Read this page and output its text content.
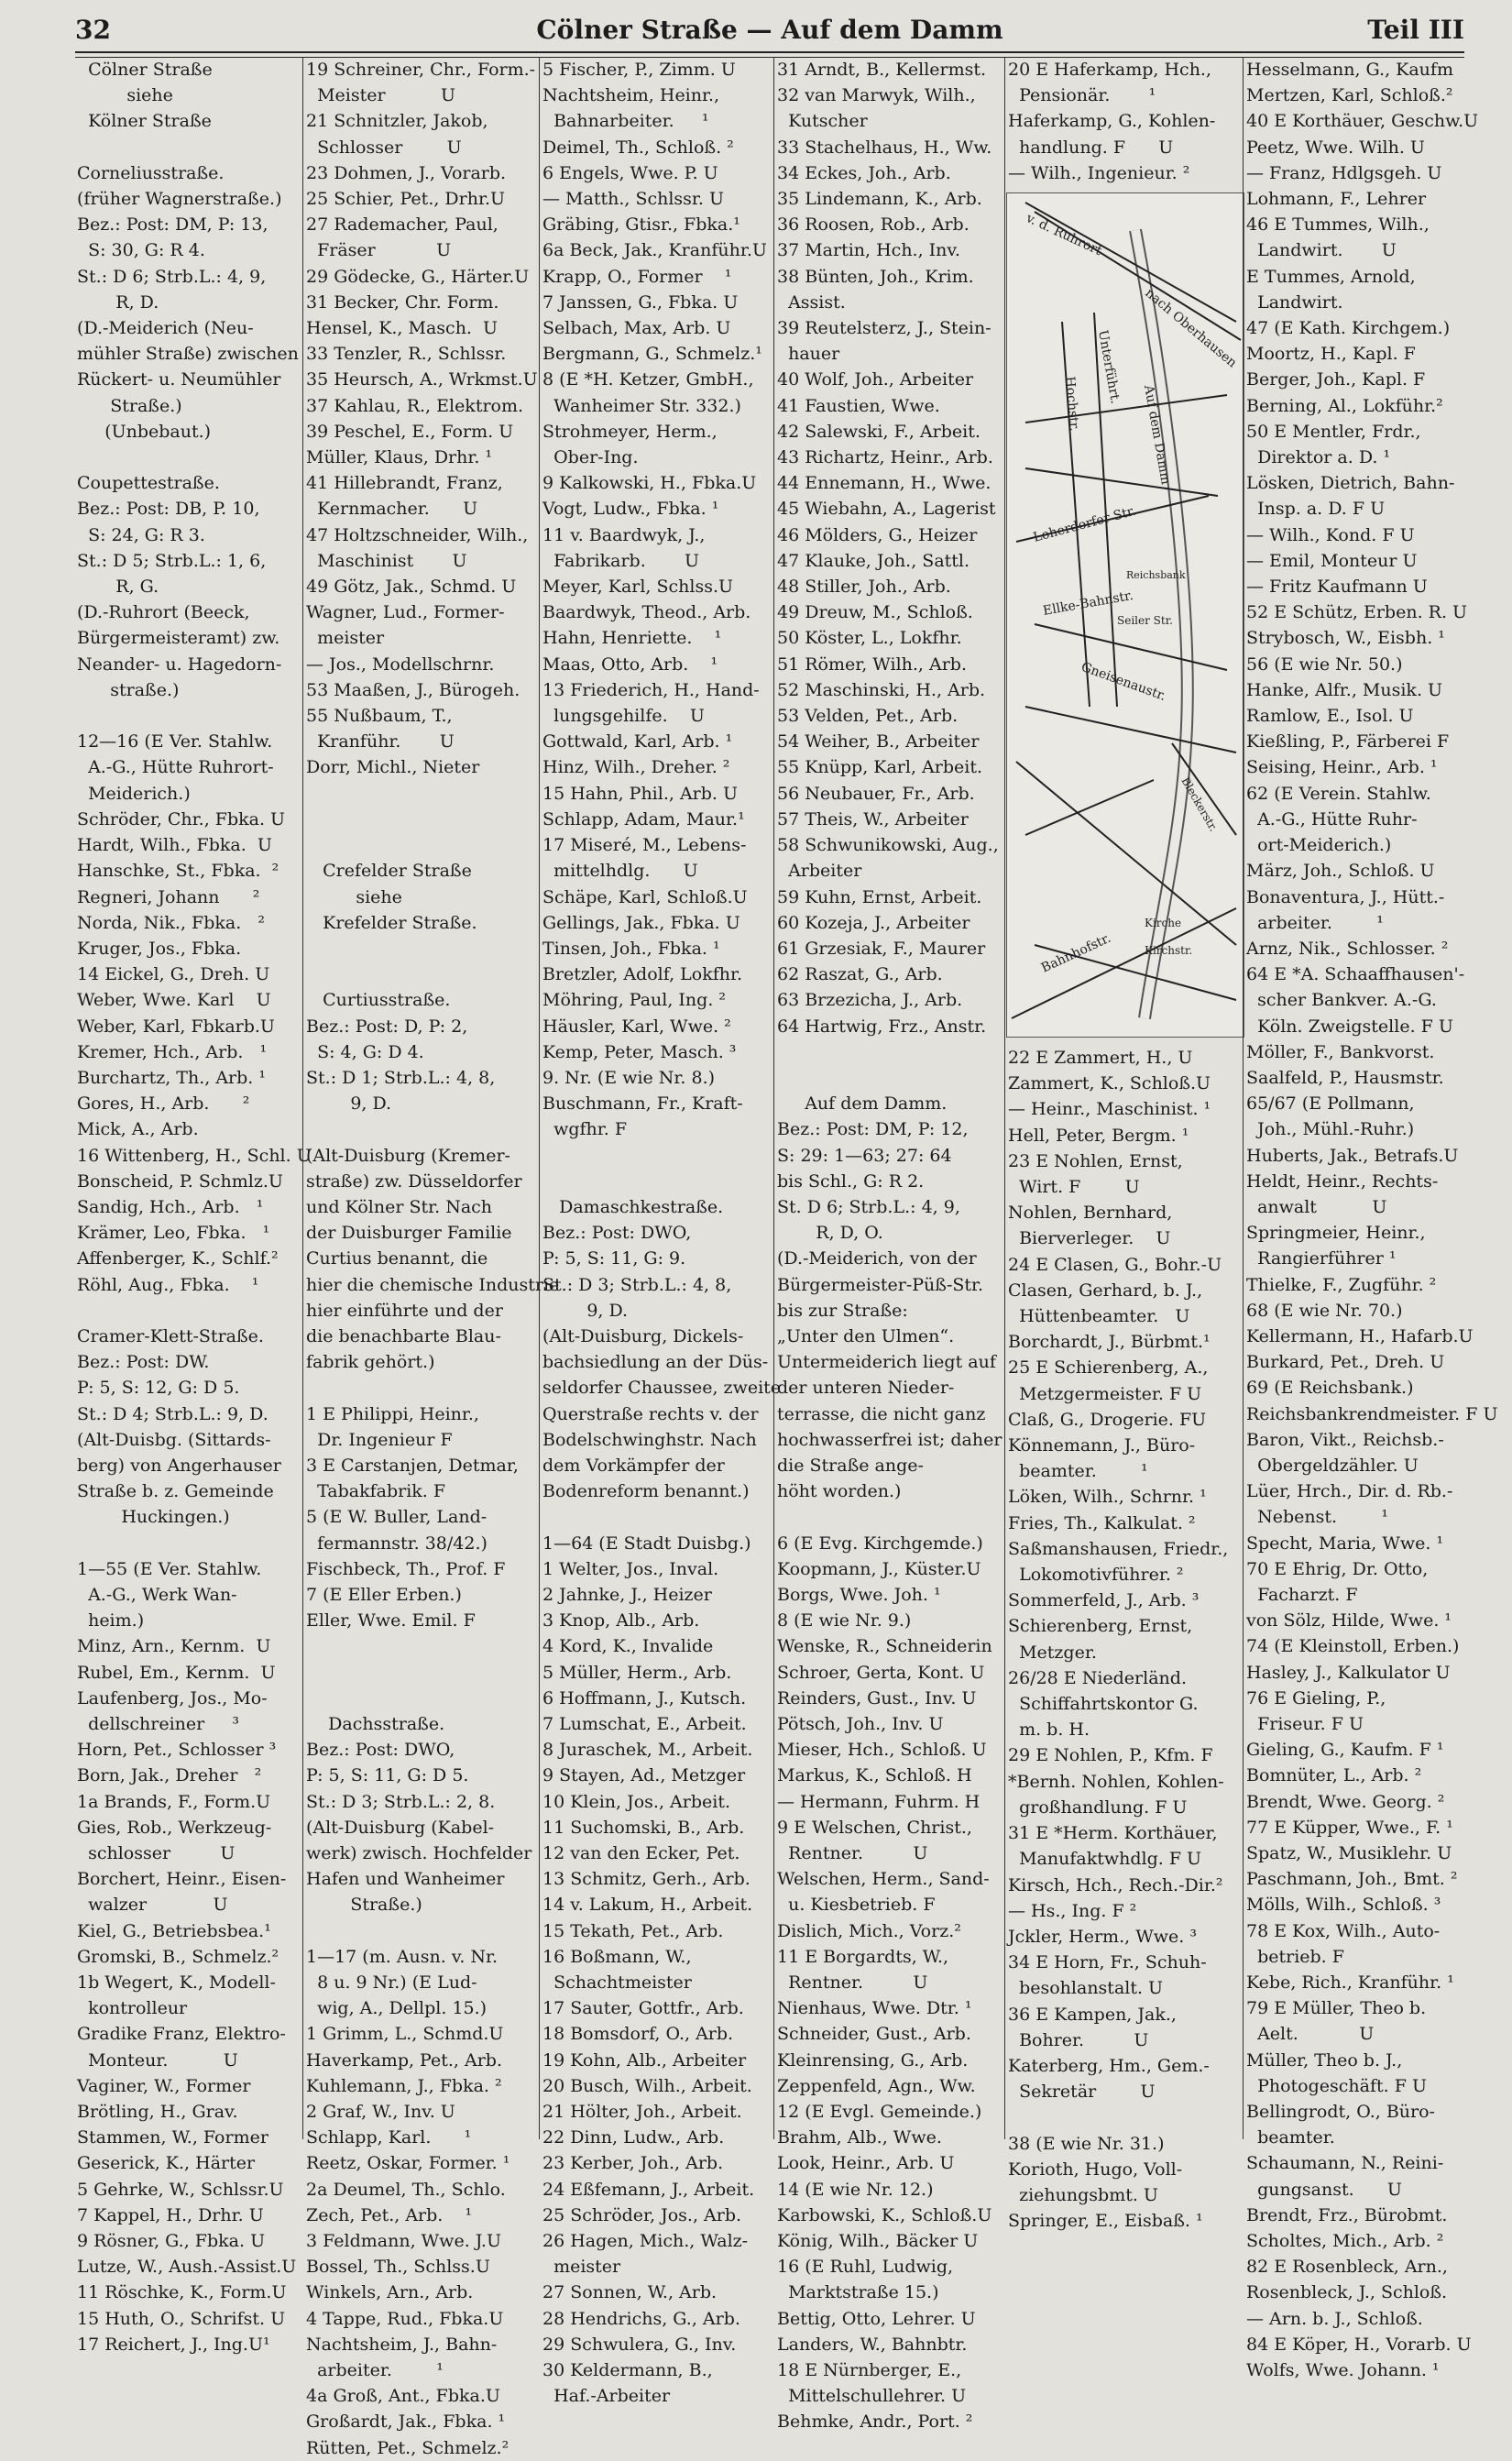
32	Cölner Straße — Auf dem Damm	Teil III
Cölner Straße
siehe
Kölner Straße

Corneliusstraße.
(früher Wagnerstraße.)
Bez.: Post: DM, P: 13,
S: 30, G: R 4.
St.: D 6; Strb.L.: 4, 9,
R, D.
(D.-Meiderich (Neu-
mühler Straße) zwischen
Rückert- u. Neumühler
Straße.)
(Unbebaut.)

Coupettestraße.
Bez.: Post: DB, P. 10,
S: 24, G: R 3.
St.: D 5; Strb.L.: 1, 6,
R, G.
(D.-Ruhrort (Beeck,
Bürgermeisteramt) zw.
Neander- u. Hagedorn-
straße.)

12—16 (E Ver. Stahlw.
A.-G., Hütte Ruhrort-
Meiderich.)
Schröder, Chr., Fbka. U
Hardt, Wilh., Fbka.  U
Hanschke, St., Fbka.  ²
Regneri, Johann      ²
Norda, Nik., Fbka.   ²
Kruger, Jos., Fbka.
14 Eickel, G., Dreh. U
Weber, Wwe. Karl    U
Weber, Karl, Fbkarb.U
Kremer, Hch., Arb.   ¹
Burchartz, Th., Arb. ¹
Gores, H., Arb.      ²
Mick, A., Arb.
16 Wittenberg, H., Schl. U
Bonscheid, P. Schmlz.U
Sandig, Hch., Arb.   ¹
Krämer, Leo, Fbka.   ¹
Affenberger, K., Schlf.²
Röhl, Aug., Fbka.    ¹

Cramer-Klett-Straße.
Bez.: Post: DW.
P: 5, S: 12, G: D 5.
St.: D 4; Strb.L.: 9, D.
(Alt-Duisbg. (Sittards-
berg) von Angerhauser
Straße b. z. Gemeinde
Huckingen.)

1—55 (E Ver. Stahlw.
A.-G., Werk Wan-
heim.)
Minz, Arn., Kernm.  U
Rubel, Em., Kernm.  U
Laufenberg, Jos., Mo-
dellschreiner     ³
Horn, Pet., Schlosser ³
Born, Jak., Dreher   ²
1a Brands, F., Form.U
Gies, Rob., Werkzeug-
schlosser         U
Borchert, Heinr., Eisen-
walzer            U
Kiel, G., Betriebsbea.¹
Gromski, B., Schmelz.²
1b Wegert, K., Modell-
kontrolleur
Gradike Franz, Elektro-
Monteur.          U
Vaginer, W., Former
Brötling, H., Grav.
Stammen, W., Former
Geserick, K., Härter
5 Gehrke, W., Schlssr.U
7 Kappel, H., Drhr. U
9 Rösner, G., Fbka. U
Lutze, W., Aush.-Assist.U
11 Röschke, K., Form.U
15 Huth, O., Schrifst. U
17 Reichert, J., Ing.U¹
19 Schreiner, Chr., Form.-
Meister          U
21 Schnitzler, Jakob,
Schlosser        U
23 Dohmen, J., Vorarb.
25 Schier, Pet., Drhr.U
27 Rademacher, Paul,
Fräser           U
29 Gödecke, G., Härter.U
31 Becker, Chr. Form.
Hensel, K., Masch.  U
33 Tenzler, R., Schlssr.
35 Heursch, A., Wrkmst.U
37 Kahlau, R., Elektrom.
39 Peschel, E., Form. U
Müller, Klaus, Drhr. ¹
41 Hillebrandt, Franz,
Kernmacher.      U
47 Holtzschneider, Wilh.,
Maschinist       U
49 Götz, Jak., Schmd. U
Wagner, Lud., Former-
meister
— Jos., Modellschrnr.
53 Maaßen, J., Bürogeh.
55 Nußbaum, T.,
Kranführ.       U
Dorr, Michl., Nieter

Crefelder Straße
siehe
Krefelder Straße.

Curtiusstraße.
Bez.: Post: D, P: 2,
S: 4, G: D 4.
St.: D 1; Strb.L.: 4, 8,
9, D.

(Alt-Duisburg (Kremer-
straße) zw. Düsseldorfer
und Kölner Str. Nach
der Duisburger Familie
Curtius benannt, die
hier die chemische Industrie
hier einführte und der
die benachbarte Blau-
fabrik gehört.)

1 E Philippi, Heinr.,
Dr. Ingenieur F
3 E Carstanjen, Detmar,
Tabakfabrik. F
5 (E W. Buller, Land-
fermannstr. 38/42.)
Fischbeck, Th., Prof. F
7 (E Eller Erben.)
Eller, Wwe. Emil. F

Dachsstraße.
Bez.: Post: DWO,
P: 5, S: 11, G: D 5.
St.: D 3; Strb.L.: 2, 8.
(Alt-Duisburg (Kabel-
werk) zwisch. Hochfelder
Hafen und Wanheimer
Straße.)

1—17 (m. Ausn. v. Nr.
8 u. 9 Nr.) (E Lud-
wig, A., Dellpl. 15.)
1 Grimm, L., Schmd.U
Haverkamp, Pet., Arb.
Kuhlemann, J., Fbka. ²
2 Graf, W., Inv. U
Schlapp, Karl.      ¹
Reetz, Oskar, Former. ¹
2a Deumel, Th., Schlo.
Zech, Pet., Arb.    ¹
3 Feldmann, Wwe. J.U
Bossel, Th., Schlss.U
Winkels, Arn., Arb.
4 Tappe, Rud., Fbka.U
Nachtsheim, J., Bahn-
arbeiter.        ¹
4a Groß, Ant., Fbka.U
Großardt, Jak., Fbka. ¹
Rütten, Pet., Schmelz.²
5 Fischer, P., Zimm. U
Nachtsheim, Heinr.,
Bahnarbeiter.     ¹
Deimel, Th., Schloß. ²
6 Engels, Wwe. P. U
— Matth., Schlssr. U
Gräbing, Gtisr., Fbka.¹
6a Beck, Jak., Kranführ.U
Krapp, O., Former    ¹
7 Janssen, G., Fbka. U
Selbach, Max, Arb. U
Bergmann, G., Schmelz.¹
8 (E *H. Ketzer, GmbH.,
Wanheimer Str. 332.)
Strohmeyer, Herm.,
Ober-Ing.
9 Kalkowski, H., Fbka.U
Vogt, Ludw., Fbka. ¹
11 v. Baardwyk, J.,
Fabrikarb.       U
Meyer, Karl, Schlss.U
Baardwyk, Theod., Arb.
Hahn, Henriette.    ¹
Maas, Otto, Arb.    ¹
13 Friederich, H., Hand-
lungsgehilfe.    U
Gottwald, Karl, Arb. ¹
Hinz, Wilh., Dreher. ²
15 Hahn, Phil., Arb. U
Schlapp, Adam, Maur.¹
17 Miseré, M., Lebens-
mittelhdlg.      U
Schäpe, Karl, Schloß.U
Gellings, Jak., Fbka. U
Tinsen, Joh., Fbka. ¹
Bretzler, Adolf, Lokfhr.
Möhring, Paul, Ing. ²
Häusler, Karl, Wwe. ²
Kemp, Peter, Masch. ³
9. Nr. (E wie Nr. 8.)
Buschmann, Fr., Kraft-
wgfhr. F

Damaschkestraße.
Bez.: Post: DWO,
P: 5, S: 11, G: 9.
St.: D 3; Strb.L.: 4, 8,
9, D.
(Alt-Duisburg, Dickels-
bachsiedlung an der Düs-
seldorfer Chaussee, zweite
Querstraße rechts v. der
Bodelschwinghstr. Nach
dem Vorkämpfer der
Bodenreform benannt.)

1—64 (E Stadt Duisbg.)
1 Welter, Jos., Inval.
2 Jahnke, J., Heizer
3 Knop, Alb., Arb.
4 Kord, K., Invalide
5 Müller, Herm., Arb.
6 Hoffmann, J., Kutsch.
7 Lumschat, E., Arbeit.
8 Juraschek, M., Arbeit.
9 Stayen, Ad., Metzger
10 Klein, Jos., Arbeit.
11 Suchomski, B., Arb.
12 van den Ecker, Pet.
13 Schmitz, Gerh., Arb.
14 v. Lakum, H., Arbeit.
15 Tekath, Pet., Arb.
16 Boßmann, W.,
Schachtmeister
17 Sauter, Gottfr., Arb.
18 Bomsdorf, O., Arb.
19 Kohn, Alb., Arbeiter
20 Busch, Wilh., Arbeit.
21 Hölter, Joh., Arbeit.
22 Dinn, Ludw., Arb.
23 Kerber, Joh., Arb.
24 Eßfemann, J., Arbeit.
25 Schröder, Jos., Arb.
26 Hagen, Mich., Walz-
meister
27 Sonnen, W., Arb.
28 Hendrichs, G., Arb.
29 Schwulera, G., Inv.
30 Keldermann, B.,
Haf.-Arbeiter
31 Arndt, B., Kellermst.
32 van Marwyk, Wilh.,
Kutscher
33 Stachelhaus, H., Ww.
34 Eckes, Joh., Arb.
35 Lindemann, K., Arb.
36 Roosen, Rob., Arb.
37 Martin, Hch., Inv.
38 Bünten, Joh., Krim.
Assist.
39 Reutelsterz, J., Stein-
hauer
40 Wolf, Joh., Arbeiter
41 Faustien, Wwe.
42 Salewski, F., Arbeit.
43 Richartz, Heinr., Arb.
44 Ennemann, H., Wwe.
45 Wiebahn, A., Lagerist
46 Mölders, G., Heizer
47 Klauke, Joh., Sattl.
48 Stiller, Joh., Arb.
49 Dreuw, M., Schloß.
50 Köster, L., Lokfhr.
51 Römer, Wilh., Arb.
52 Maschinski, H., Arb.
53 Velden, Pet., Arb.
54 Weiher, B., Arbeiter
55 Knüpp, Karl, Arbeit.
56 Neubauer, Fr., Arb.
57 Theis, W., Arbeiter
58 Schwunikowski, Aug.,
Arbeiter
59 Kuhn, Ernst, Arbeit.
60 Kozeja, J., Arbeiter
61 Grzesiak, F., Maurer
62 Raszat, G., Arb.
63 Brzezicha, J., Arb.
64 Hartwig, Frz., Anstr.

Auf dem Damm.
Bez.: Post: DM, P: 12,
S: 29: 1—63; 27: 64
bis Schl., G: R 2.
St. D 6; Strb.L.: 4, 9,
R, D, O.
(D.-Meiderich, von der
Bürgermeister-Püß-Str.
bis zur Straße:
„Unter den Ulmen“.
Untermeiderich liegt auf
der unteren Nieder-
terrasse, die nicht ganz
hochwasserfrei ist; daher
die Straße ange-
höht worden.)

6 (E Evg. Kirchgemde.)
Koopmann, J., Küster.U
Borgs, Wwe. Joh. ¹
8 (E wie Nr. 9.)
Wenske, R., Schneiderin
Schroer, Gerta, Kont. U
Reinders, Gust., Inv. U
Pötsch, Joh., Inv. U
Mieser, Hch., Schloß. U
Markus, K., Schloß. H
— Hermann, Fuhrm. H
9 E Welschen, Christ.,
Rentner.         U
Welschen, Herm., Sand-
u. Kiesbetrieb. F
Dislich, Mich., Vorz.²
11 E Borgardts, W.,
Rentner.         U
Nienhaus, Wwe. Dtr. ¹
Schneider, Gust., Arb.
Kleinrensing, G., Arb.
Zeppenfeld, Agn., Ww.
12 (E Evgl. Gemeinde.)
Brahm, Alb., Wwe.
Look, Heinr., Arb. U
14 (E wie Nr. 12.)
Karbowski, K., Schloß.U
König, Wilh., Bäcker U
16 (E Ruhl, Ludwig,
Marktstraße 15.)
Bettig, Otto, Lehrer. U
Landers, W., Bahnbtr.
18 E Nürnberger, E.,
Mittelschullehrer. U
Behmke, Andr., Port. ²
20 E Haferkamp, Hch.,
Pensionär.       ¹
Haferkamp, G., Kohlen-
handlung. F      U
— Wilh., Ingenieur. ²
v. d. Ruhrort
nach Oberhausen
Hochstr. Unterführt.
Loherdorfer Str.
Ellke-Bahnstr.
Gneisenaustr.
Reichsbank
Bahnhofstr.
Seiler Str.
Auf dem Damm
Kirche
Kirchstr.
Bleckerstr.
22 E Zammert, H., U
Zammert, K., Schloß.U
— Heinr., Maschinist. ¹
Hell, Peter, Bergm. ¹
23 E Nohlen, Ernst,
Wirt. F        U
Nohlen, Bernhard,
Bierverleger.    U
24 E Clasen, G., Bohr.-U
Clasen, Gerhard, b. J.,
Hüttenbeamter.   U
Borchardt, J., Bürbmt.¹
25 E Schierenberg, A.,
Metzgermeister. F U
Claß, G., Drogerie. FU
Könnemann, J., Büro-
beamter.        ¹
Löken, Wilh., Schrnr. ¹
Fries, Th., Kalkulat. ²
Saßmanshausen, Friedr.,
Lokomotivführer. ²
Sommerfeld, J., Arb. ³
Schierenberg, Ernst,
Metzger.
26/28 E Niederländ.
Schiffahrtskontor G.
m. b. H.
29 E Nohlen, P., Kfm. F
*Bernh. Nohlen, Kohlen-
großhandlung. F U
31 E *Herm. Korthäuer,
Manufaktwhdlg. F U
Kirsch, Hch., Rech.-Dir.²
— Hs., Ing. F ²
Jckler, Herm., Wwe. ³
34 E Horn, Fr., Schuh-
besohlanstalt. U
36 E Kampen, Jak.,
Bohrer.         U
Katerberg, Hm., Gem.-
Sekretär        U

38 (E wie Nr. 31.)
Korioth, Hugo, Voll-
ziehungsbmt. U
Springer, E., Eisbaß. ¹
Hesselmann, G., Kaufm
Mertzen, Karl, Schloß.²
40 E Korthäuer, Geschw.U
Peetz, Wwe. Wilh. U
— Franz, Hdlgsgeh. U
Lohmann, F., Lehrer
46 E Tummes, Wilh.,
Landwirt.       U
E Tummes, Arnold,
Landwirt.
47 (E Kath. Kirchgem.)
Moortz, H., Kapl. F
Berger, Joh., Kapl. F
Berning, Al., Lokführ.²
50 E Mentler, Frdr.,
Direktor a. D. ¹
Lösken, Dietrich, Bahn-
Insp. a. D. F U
— Wilh., Kond. F U
— Emil, Monteur U
— Fritz Kaufmann U
52 E Schütz, Erben. R. U
Strybosch, W., Eisbh. ¹
56 (E wie Nr. 50.)
Hanke, Alfr., Musik. U
Ramlow, E., Isol. U
Kießling, P., Färberei F
Seising, Heinr., Arb. ¹
62 (E Verein. Stahlw.
A.-G., Hütte Ruhr-
ort-Meiderich.)
März, Joh., Schloß. U
Bonaventura, J., Hütt.-
arbeiter.        ¹
Arnz, Nik., Schlosser. ²
64 E *A. Schaaffhausen'-
scher Bankver. A.-G.
Köln. Zweigstelle. F U
Möller, F., Bankvorst.
Saalfeld, P., Hausmstr.
65/67 (E Pollmann,
Joh., Mühl.-Ruhr.)
Huberts, Jak., Betrafs.U
Heldt, Heinr., Rechts-
anwalt          U
Springmeier, Heinr.,
Rangierführer ¹
Thielke, F., Zugführ. ²
68 (E wie Nr. 70.)
Kellermann, H., Hafarb.U
Burkard, Pet., Dreh. U
69 (E Reichsbank.)
Reichsbankrendmeister. F U
Baron, Vikt., Reichsb.-
Obergeldzähler. U
Lüer, Hrch., Dir. d. Rb.-
Nebenst.        ¹
Specht, Maria, Wwe. ¹
70 E Ehrig, Dr. Otto,
Facharzt. F
von Sölz, Hilde, Wwe. ¹
74 (E Kleinstoll, Erben.)
Hasley, J., Kalkulator U
76 E Gieling, P.,
Friseur. F U
Gieling, G., Kaufm. F ¹
Bomnüter, L., Arb. ²
Brendt, Wwe. Georg. ²
77 E Küpper, Wwe., F. ¹
Spatz, W., Musiklehr. U
Paschmann, Joh., Bmt. ²
Mölls, Wilh., Schloß. ³
78 E Kox, Wilh., Auto-
betrieb. F
Kebe, Rich., Kranführ. ¹
79 E Müller, Theo b.
Aelt.           U
Müller, Theo b. J.,
Photogeschäft. F U
Bellingrodt, O., Büro-
beamter.
Schaumann, N., Reini-
gungsanst.      U
Brendt, Frz., Bürobmt.
Scholtes, Mich., Arb. ²
82 E Rosenbleck, Arn.,
Rosenbleck, J., Schloß.
— Arn. b. J., Schloß.
84 E Köper, H., Vorarb. U
Wolfs, Wwe. Johann. ¹
